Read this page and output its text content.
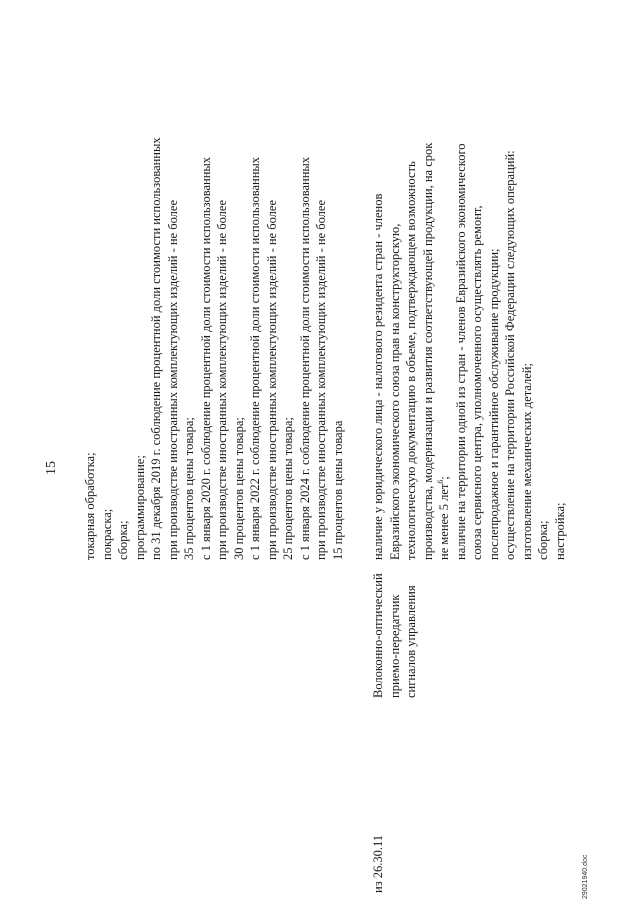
15 токарная обработка; покраска; сборка; программирование; по 31 декабря 2019 г. соблюдение процентной доли стоимости использованных при производстве иностранных комплектующих изделий - не более 35 процентов цены товара; с 1 января 2020 г. соблюдение процентной доли стоимости использованных при производстве иностранных комплектующих изделий - не более 30 процентов цены товара; с 1 января 2022 г. соблюдение процентной доли стоимости использованных при производстве иностранных комплектующих изделий - не более 25 процентов цены товара; с 1 января 2024 г. соблюдение процентной доли стоимости использованных при производстве иностранных комплектующих изделий - не более 15 процентов цены товара
из 26.30.11
Волоконно-оптический приемо-передатчик сигналов управления
наличие у юридического лица - налогового резидента стран - членов Евразийского экономического союза прав на конструкторскую, технологическую документацию в объеме, подтверждающем возможность производства, модернизации и развития соответствующей продукции, на срок не менее 5 лет$^6$; наличие на территории одной из стран - членов Евразийского экономического союза сервисного центра, уполномоченного осуществлять ремонт, послепродажное и гарантийное обслуживание продукции; осуществление на территории Российской Федерации следующих операций: изготовление механических деталей; сборка; настройка;
29021940.doc
